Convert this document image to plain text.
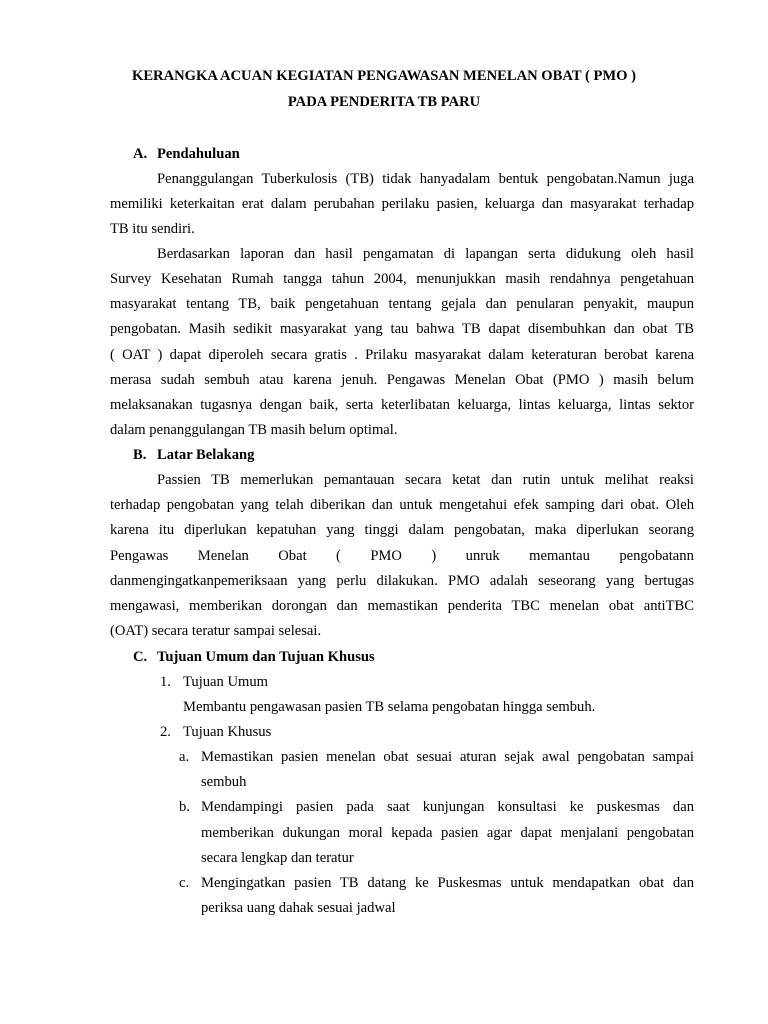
KERANGKA ACUAN KEGIATAN PENGAWASAN MENELAN OBAT ( PMO )
PADA PENDERITA TB PARU
A. Pendahuluan
Penanggulangan Tuberkulosis (TB) tidak hanyadalam bentuk pengobatan.Namun juga
memiliki keterkaitan erat dalam perubahan perilaku pasien, keluarga dan masyarakat terhadap
TB itu sendiri.
Berdasarkan laporan dan hasil pengamatan di lapangan serta didukung oleh hasil
Survey Kesehatan Rumah tangga tahun 2004, menunjukkan masih rendahnya pengetahuan
masyarakat tentang TB, baik pengetahuan tentang gejala dan penularan penyakit, maupun
pengobatan. Masih sedikit masyarakat yang tau bahwa TB dapat disembuhkan dan obat TB
( OAT ) dapat diperoleh secara gratis . Prilaku masyarakat dalam keteraturan berobat karena
merasa sudah sembuh atau karena jenuh. Pengawas Menelan Obat (PMO ) masih belum
melaksanakan tugasnya dengan baik, serta keterlibatan keluarga, lintas keluarga, lintas sektor
dalam penanggulangan TB masih belum optimal.
B. Latar Belakang
Passien TB memerlukan pemantauan secara ketat dan rutin untuk melihat reaksi
terhadap pengobatan yang telah diberikan dan untuk mengetahui efek samping dari obat. Oleh
karena itu diperlukan kepatuhan yang tinggi dalam pengobatan, maka diperlukan seorang
Pengawas Menelan Obat ( PMO ) unruk memantau pengobatann
danmengingatkanpemeriksaan yang perlu dilakukan. PMO adalah seseorang yang bertugas
mengawasi, memberikan dorongan dan memastikan penderita TBC menelan obat antiTBC
(OAT) secara teratur sampai selesai.
C. Tujuan Umum dan Tujuan Khusus
1. Tujuan Umum
Membantu pengawasan pasien TB selama pengobatan hingga sembuh.
2. Tujuan Khusus
a. Memastikan pasien menelan obat sesuai aturan sejak awal pengobatan sampai
sembuh
b. Mendampingi pasien pada saat kunjungan konsultasi ke puskesmas dan
memberikan dukungan moral kepada pasien agar dapat menjalani pengobatan
secara lengkap dan teratur
c. Mengingatkan pasien TB datang ke Puskesmas untuk mendapatkan obat dan
periksa uang dahak sesuai jadwal
